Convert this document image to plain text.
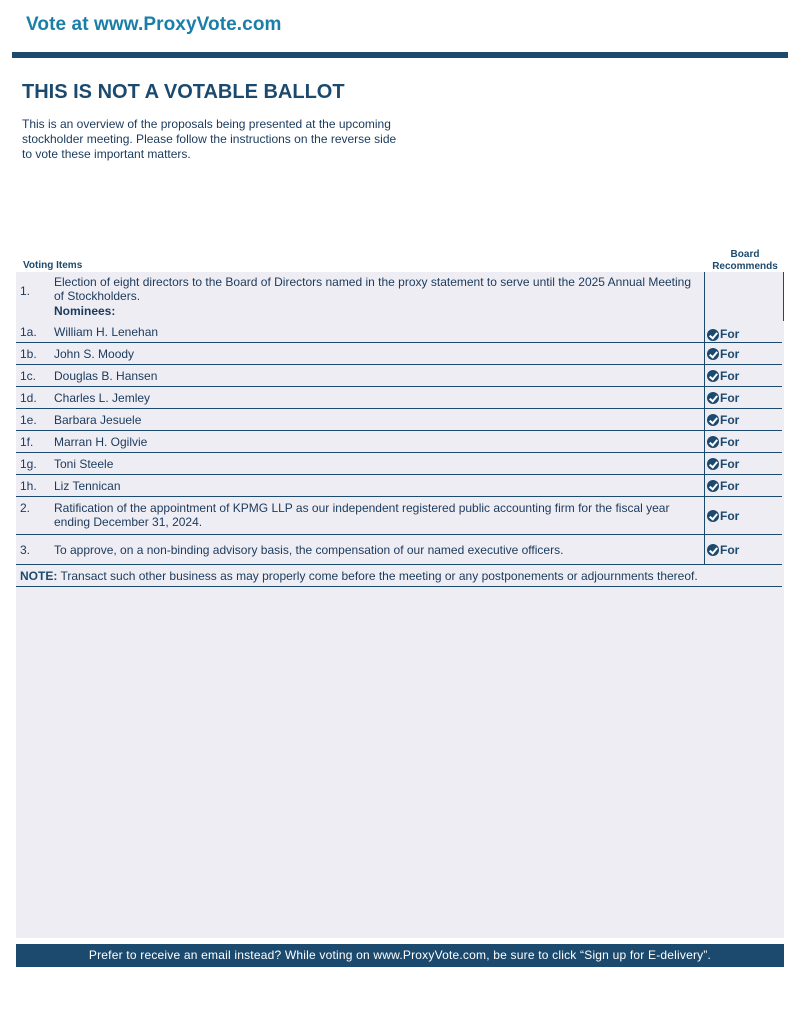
Vote at www.ProxyVote.com
THIS IS NOT A VOTABLE BALLOT
This is an overview of the proposals being presented at the upcoming stockholder meeting. Please follow the instructions on the reverse side to vote these important matters.
Voting Items
Board Recommends
1.
Election of eight directors to the Board of Directors named in the proxy statement to serve until the 2025 Annual Meeting of Stockholders.
Nominees:
1a. William H. Lenehan	For
1b. John S. Moody	For
1c. Douglas B. Hansen	For
1d. Charles L. Jemley	For
1e. Barbara Jesuele	For
1f. Marran H. Ogilvie	For
1g. Toni Steele	For
1h. Liz Tennican	For
2. Ratification of the appointment of KPMG LLP as our independent registered public accounting firm for the fiscal year ending December 31, 2024.	For
3. To approve, on a non-binding advisory basis, the compensation of our named executive officers.	For
NOTE: Transact such other business as may properly come before the meeting or any postponements or adjournments thereof.
Prefer to receive an email instead? While voting on www.ProxyVote.com, be sure to click “Sign up for E-delivery”.
